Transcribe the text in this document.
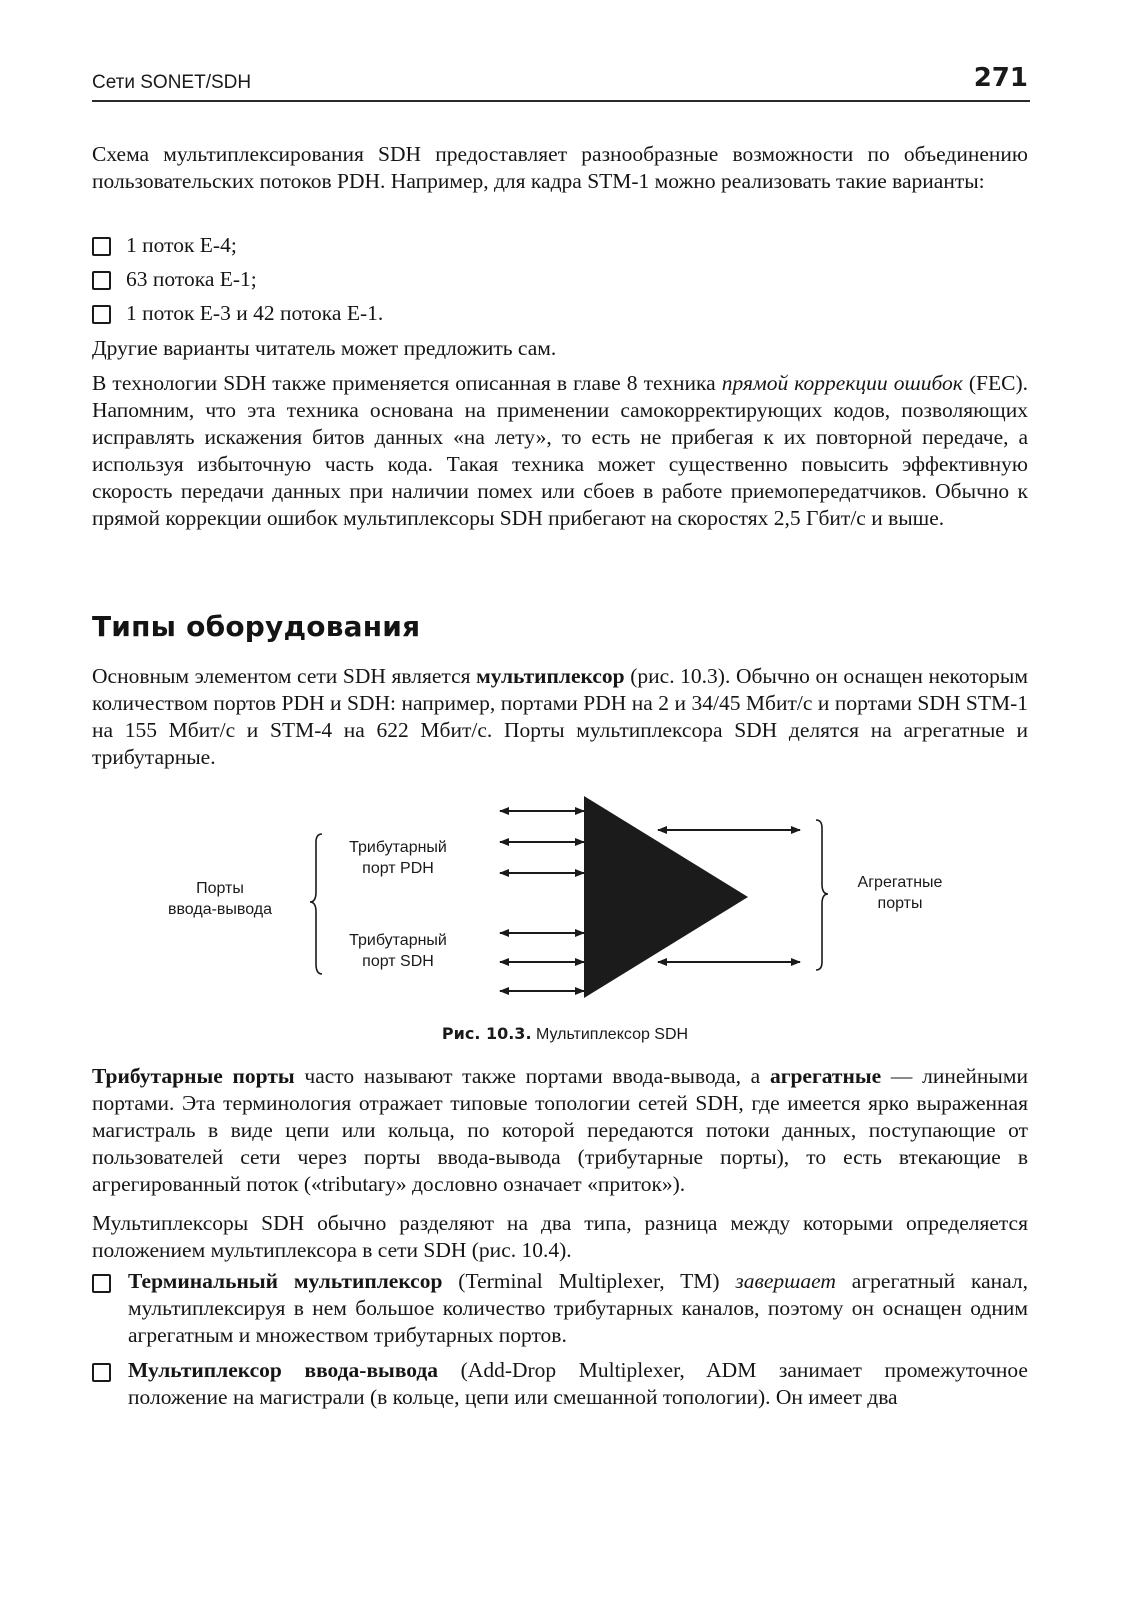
Сети SONET/SDH	271
Схема мультиплексирования SDH предоставляет разнообразные возможности по объединению пользовательских потоков PDH. Например, для кадра STM-1 можно реализовать такие варианты:
1 поток E-4;
63 потока E-1;
1 поток E-3 и 42 потока E-1.
Другие варианты читатель может предложить сам.
В технологии SDH также применяется описанная в главе 8 техника прямой коррекции ошибок (FEC). Напомним, что эта техника основана на применении самокорректирующих кодов, позволяющих исправлять искажения битов данных «на лету», то есть не прибегая к их повторной передаче, а используя избыточную часть кода. Такая техника может существенно повысить эффективную скорость передачи данных при наличии помех или сбоев в работе приемопередатчиков. Обычно к прямой коррекции ошибок мультиплексоры SDH прибегают на скоростях 2,5 Гбит/с и выше.
Типы оборудования
Основным элементом сети SDH является мультиплексор (рис. 10.3). Обычно он оснащен некоторым количеством портов PDH и SDH: например, портами PDH на 2 и 34/45 Мбит/с и портами SDH STM-1 на 155 Мбит/с и STM-4 на 622 Мбит/с. Порты мультиплексора SDH делятся на агрегатные и трибутарные.
Порты
ввода-вывода
Трибутарный
порт PDH
Трибутарный
порт SDH
Агрегатные
порты
Рис. 10.3. Мультиплексор SDH
Трибутарные порты часто называют также портами ввода-вывода, а агрегатные — линейными портами. Эта терминология отражает типовые топологии сетей SDH, где имеется ярко выраженная магистраль в виде цепи или кольца, по которой передаются потоки данных, поступающие от пользователей сети через порты ввода-вывода (трибутарные порты), то есть втекающие в агрегированный поток («tributary» дословно означает «приток»).
Мультиплексоры SDH обычно разделяют на два типа, разница между которыми определяется положением мультиплексора в сети SDH (рис. 10.4).
Терминальный мультиплексор (Terminal Multiplexer, TM) завершает агрегатный канал, мультиплексируя в нем большое количество трибутарных каналов, поэтому он оснащен одним агрегатным и множеством трибутарных портов.
Мультиплексор ввода-вывода (Add-Drop Multiplexer, ADM занимает промежуточное положение на магистрали (в кольце, цепи или смешанной топологии). Он имеет два
